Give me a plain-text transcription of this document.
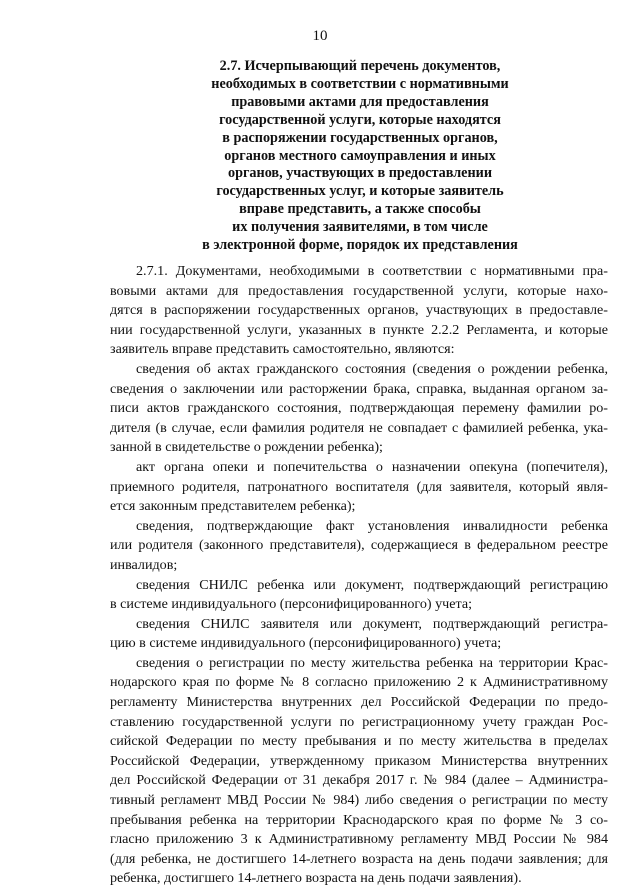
10
2.7. Исчерпывающий перечень документов,
необходимых в соответствии с нормативными
правовыми актами для предоставления
государственной услуги, которые находятся
в распоряжении государственных органов,
органов местного самоуправления и иных
органов, участвующих в предоставлении
государственных услуг, и которые заявитель
вправе представить, а также способы
их получения заявителями, в том числе
в электронной форме, порядок их представления

2.7.1. Документами, необходимыми в соответствии с нормативными пра-
вовыми актами для предоставления государственной услуги, которые нахо-
дятся в распоряжении государственных органов, участвующих в предоставле-
нии государственной услуги, указанных в пункте 2.2.2 Регламента, и которые
заявитель вправе представить самостоятельно, являются:

сведения об актах гражданского состояния (сведения о рождении ребенка,
сведения о заключении или расторжении брака, справка, выданная органом за-
писи актов гражданского состояния, подтверждающая перемену фамилии ро-
дителя (в случае, если фамилия родителя не совпадает с фамилией ребенка, ука-
занной в свидетельстве о рождении ребенка);

акт органа опеки и попечительства о назначении опекуна (попечителя),
приемного родителя, патронатного воспитателя (для заявителя, который явля-
ется законным представителем ребенка);

сведения, подтверждающие факт установления инвалидности ребенка
или родителя (законного представителя), содержащиеся в федеральном реестре
инвалидов;

сведения СНИЛС ребенка или документ, подтверждающий регистрацию
в системе индивидуального (персонифицированного) учета;

сведения СНИЛС заявителя или документ, подтверждающий регистра-
цию в системе индивидуального (персонифицированного) учета;

сведения о регистрации по месту жительства ребенка на территории Крас-
нодарского края по форме № 8 согласно приложению 2 к Административному
регламенту Министерства внутренних дел Российской Федерации по предо-
ставлению государственной услуги по регистрационному учету граждан Рос-
сийской Федерации по месту пребывания и по месту жительства в пределах
Российской Федерации, утвержденному приказом Министерства внутренних
дел Российской Федерации от 31 декабря 2017 г. № 984 (далее – Администра-
тивный регламент МВД России № 984) либо сведения о регистрации по месту
пребывания ребенка на территории Краснодарского края по форме № 3 со-
гласно приложению 3 к Административному регламенту МВД России № 984
(для ребенка, не достигшего 14-летнего возраста на день подачи заявления; для
ребенка, достигшего 14-летнего возраста на день подачи заявления).
